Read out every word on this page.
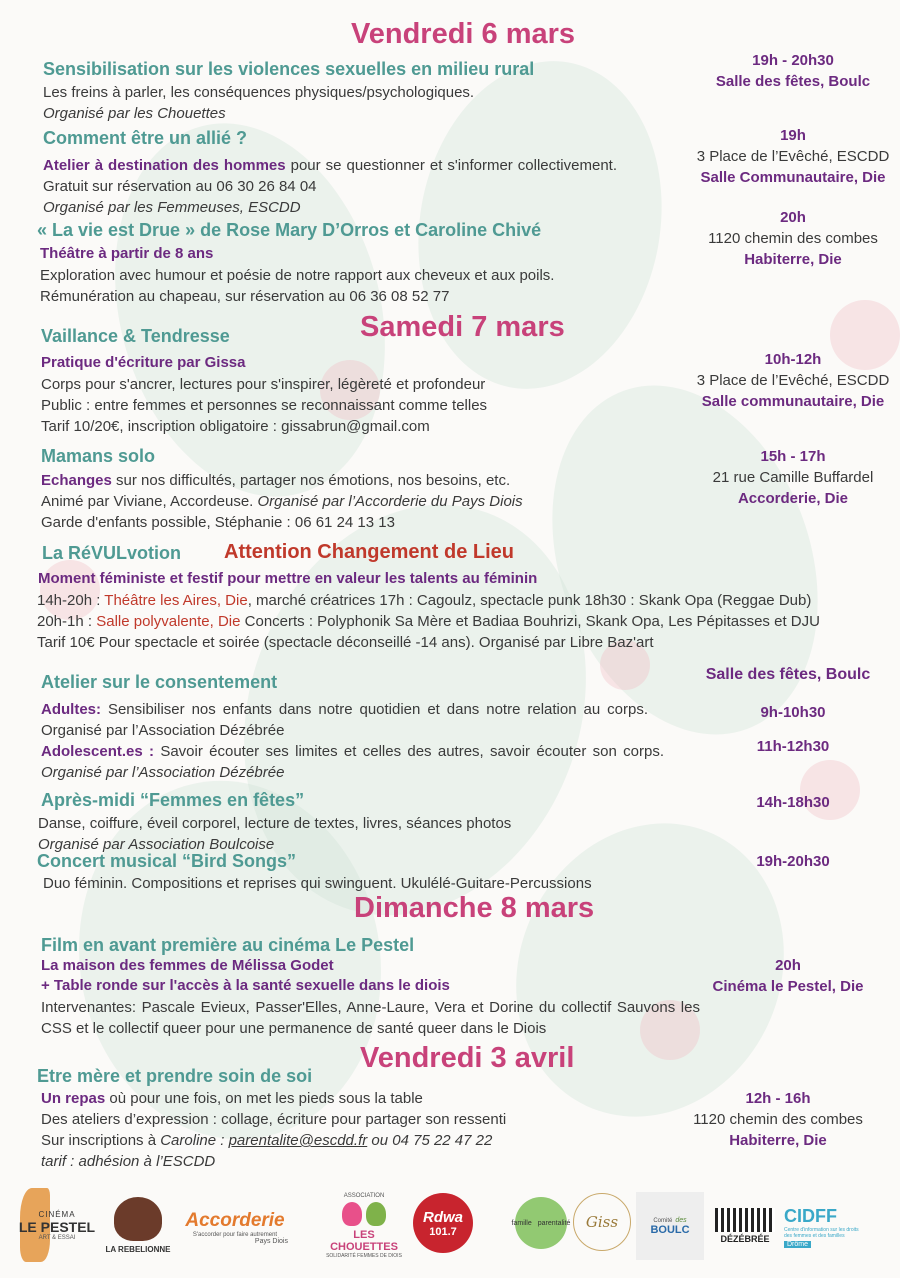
Vendredi 6 mars
Sensibilisation sur les violences sexuelles en milieu rural
Les freins à parler, les conséquences physiques/psychologiques.
Organisé par les Chouettes
19h - 20h30
Salle des fêtes, Boulc
Comment être un allié ?
Atelier à destination des hommes pour se questionner et s'informer collectivement. Gratuit sur réservation au 06 30 26 84 04
Organisé par les Femmeuses, ESCDD
19h
3 Place de l’Evêché, ESCDD
Salle Communautaire, Die
« La vie est Drue » de Rose Mary D’Orros et Caroline Chivé
Théâtre à partir de 8 ans
Exploration avec humour et poésie de notre rapport aux cheveux et aux poils.
Rémunération au chapeau, sur réservation au 06 36 08 52 77
20h
1120 chemin des combes
Habiterre, Die
Samedi 7 mars
Vaillance & Tendresse
Pratique d'écriture par Gissa
Corps pour s'ancrer, lectures pour s'inspirer, légèreté et profondeur
Public : entre femmes et personnes se reconnaissant comme telles
Tarif 10/20€, inscription obligatoire : gissabrun@gmail.com
10h-12h
3 Place de l’Evêché, ESCDD
Salle communautaire, Die
Mamans solo
Echanges sur nos difficultés, partager nos émotions, nos besoins, etc.
Animé par Viviane, Accordeuse. Organisé par l’Accorderie du Pays Diois
Garde d'enfants possible, Stéphanie : 06 61 24 13 13
15h - 17h
21 rue Camille Buffardel
Accorderie, Die
La RéVULvotion Attention Changement de Lieu
Moment féministe et festif pour mettre en valeur les talents au féminin
14h-20h : Théâtre les Aires, Die, marché créatrices 17h : Cagoulz, spectacle punk 18h30 : Skank Opa (Reggae Dub)
20h-1h : Salle polyvalente, Die Concerts : Polyphonik Sa Mère et Badiaa Bouhrizi, Skank Opa, Les Pépitasses et DJU
Tarif 10€ Pour spectacle et soirée (spectacle déconseillé -14 ans). Organisé par Libre Baz'art
Atelier sur le consentement	Salle des fêtes, Boulc
Adultes: Sensibiliser nos enfants dans notre quotidien et dans notre relation au corps. Organisé par l’Association Dézébrée
9h-10h30
Adolescent.es : Savoir écouter ses limites et celles des autres, savoir écouter son corps. Organisé par l’Association Dézébrée
11h-12h30
Après-midi “Femmes en fêtes”
Danse, coiffure, éveil corporel, lecture de textes, livres, séances photos
Organisé par Association Boulcoise
14h-18h30
Concert musical “Bird Songs”
Duo féminin. Compositions et reprises qui swinguent. Ukulélé-Guitare-Percussions
19h-20h30
Dimanche 8 mars
Film en avant première au cinéma Le Pestel
La maison des femmes de Mélissa Godet
+ Table ronde sur l'accès à la santé sexuelle dans le diois
Intervenantes: Pascale Evieux, Passer'Elles, Anne-Laure, Vera et Dorine du collectif Sauvons les CSS et le collectif queer pour une permanence de santé queer dans le Diois
20h
Cinéma le Pestel, Die
Vendredi 3 avril
Etre mère et prendre soin de soi
Un repas où pour une fois, on met les pieds sous la table
Des ateliers d’expression : collage, écriture pour partager son ressenti
Sur inscriptions à Caroline : parentalite@escdd.fr ou 04 75 22 47 22
tarif : adhésion à l’ESCDD
12h - 16h
1120 chemin des combes
Habiterre, Die
CINÉMA
LE PESTEL
ART & ESSAI
LA REBELIONNE
Accorderie
S'accorder pour faire autrement
Pays Diois
ASSOCIATION
LES CHOUETTES
SOLIDARITÉ FEMMES DE DIOIS
Rdwa
101.7
famille parentalité Giss	Comité des
BOULC
DÉZÉBRÉE
CIDFF
Centre d'information sur les droits des femmes et des familles
Drôme
